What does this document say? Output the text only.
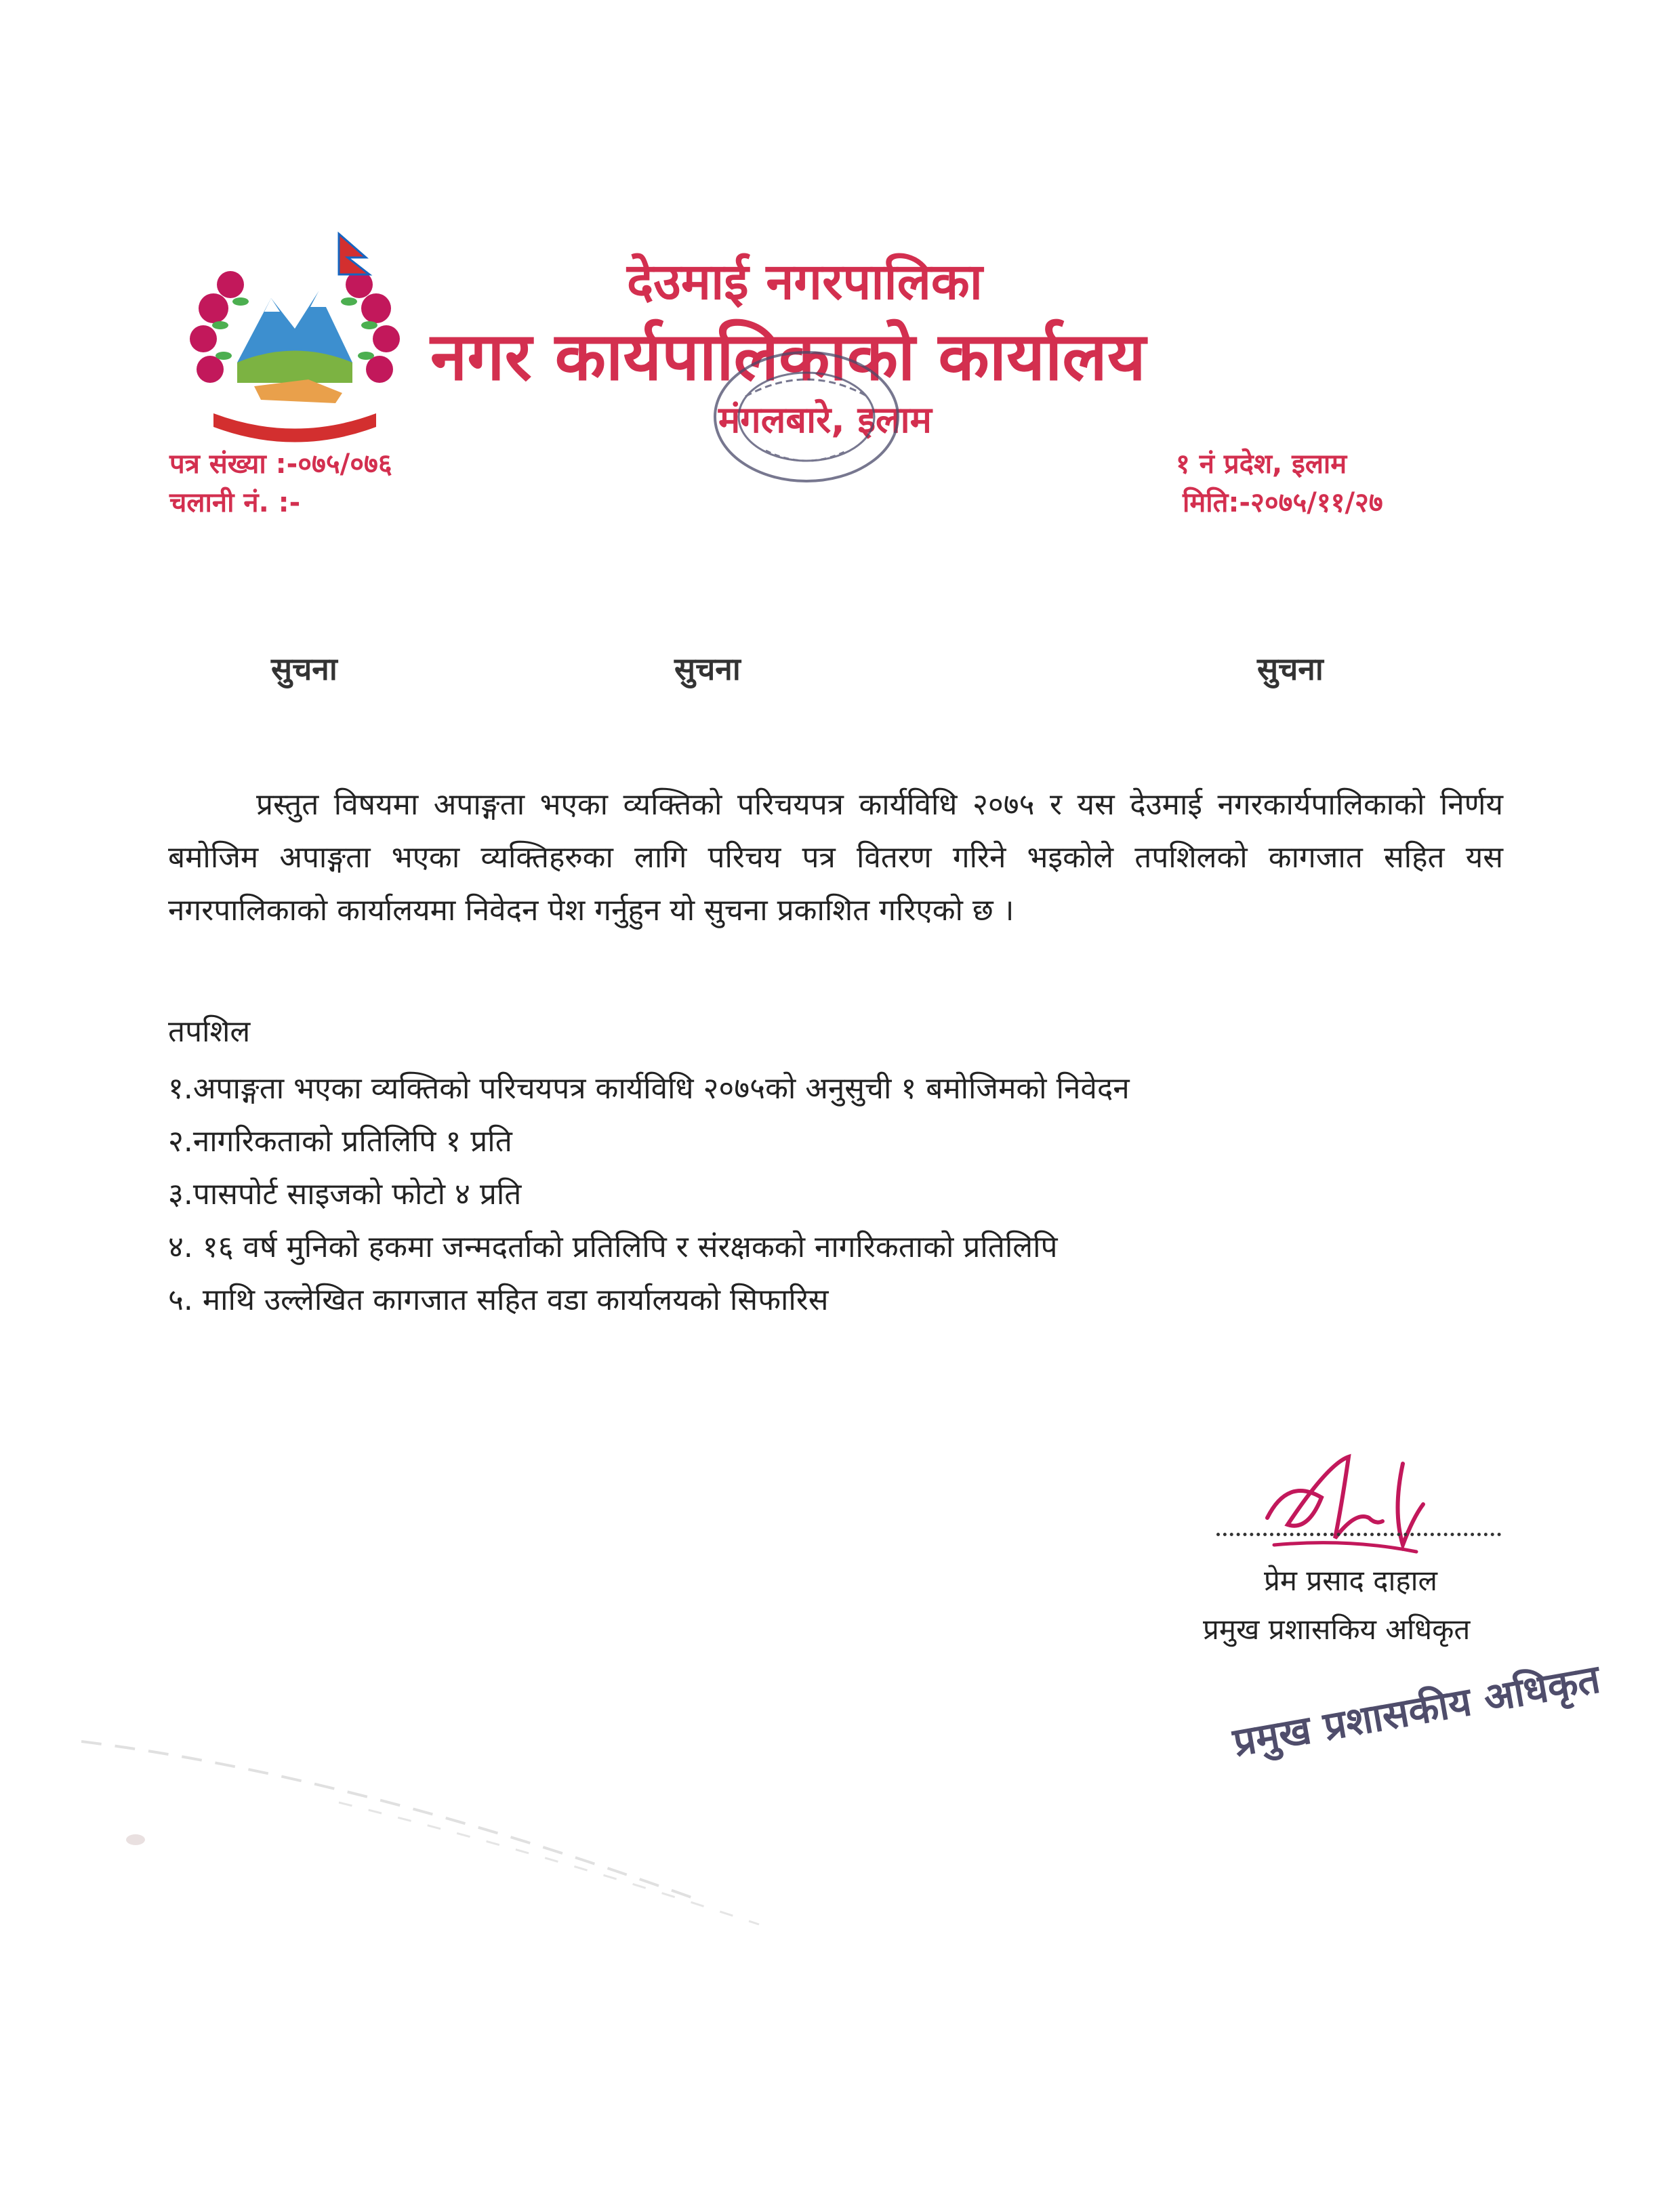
देउमाई नगरपालिका
नगर कार्यपालिकाको कार्यालय
मंगलबारे, इलाम
पत्र संख्या :-०७५/०७६
चलानी नं. :-
१ नं प्रदेश, इलाम
मिति:-२०७५/११/२७
सुचना	सुचना	सुचना

प्रस्तुत विषयमा अपाङ्गता भएका व्यक्तिको परिचयपत्र कार्यविधि २०७५ र यस देउमाई नगरकार्यपालिकाको निर्णय बमोजिम अपाङ्गता भएका व्यक्तिहरुका लागि परिचय पत्र वितरण गरिने भइकोले तपशिलको कागजात सहित यस नगरपालिकाको कार्यालयमा निवेदन पेश गर्नुहुन यो सुचना प्रकाशित गरिएको छ ।

तपशिल
१.अपाङ्गता भएका व्यक्तिको परिचयपत्र कार्यविधि २०७५को अनुसुची १ बमोजिमको निवेदन
२.नागरिकताको प्रतिलिपि १ प्रति
३.पासपोर्ट साइजको फोटो ४ प्रति
४. १६ वर्ष मुनिको हकमा जन्मदर्ताको प्रतिलिपि र संरक्षकको नागरिकताको प्रतिलिपि
५. माथि उल्लेखित कागजात सहित वडा कार्यालयको सिफारिस
प्रेम प्रसाद दाहाल
प्रमुख प्रशासकिय अधिकृत
प्रमुख प्रशासकीय अधिकृत
